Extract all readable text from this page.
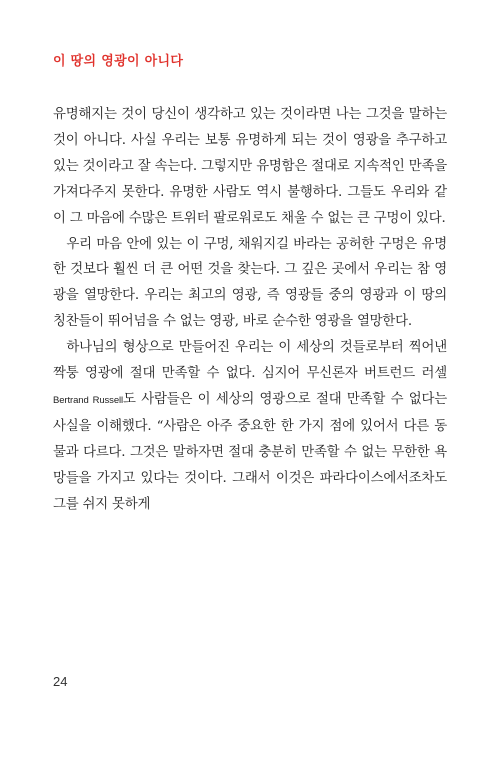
이 땅의 영광이 아니다

유명해지는 것이 당신이 생각하고 있는 것이라면 나는 그것을 말하는 것이 아니다. 사실 우리는 보통 유명하게 되는 것이 영광을 추구하고 있는 것이라고 잘 속는다. 그렇지만 유명함은 절대로 지속적인 만족을 가져다주지 못한다. 유명한 사람도 역시 불행하다. 그들도 우리와 같이 그 마음에 수많은 트위터 팔로워로도 채울 수 없는 큰 구멍이 있다.

우리 마음 안에 있는 이 구멍, 채워지길 바라는 공허한 구멍은 유명한 것보다 훨씬 더 큰 어떤 것을 찾는다. 그 깊은 곳에서 우리는 참 영광을 열망한다. 우리는 최고의 영광, 즉 영광들 중의 영광과 이 땅의 칭찬들이 뛰어넘을 수 없는 영광, 바로 순수한 영광을 열망한다.

하나님의 형상으로 만들어진 우리는 이 세상의 것들로부터 찍어낸 짝퉁 영광에 절대 만족할 수 없다. 심지어 무신론자 버트런드 러셀Bertrand Russell도 사람들은 이 세상의 영광으로 절대 만족할 수 없다는 사실을 이해했다. “사람은 아주 중요한 한 가지 점에 있어서 다른 동물과 다르다. 그것은 말하자면 절대 충분히 만족할 수 없는 무한한 욕망들을 가지고 있다는 것이다. 그래서 이것은 파라다이스에서조차도 그를 쉬지 못하게

24
